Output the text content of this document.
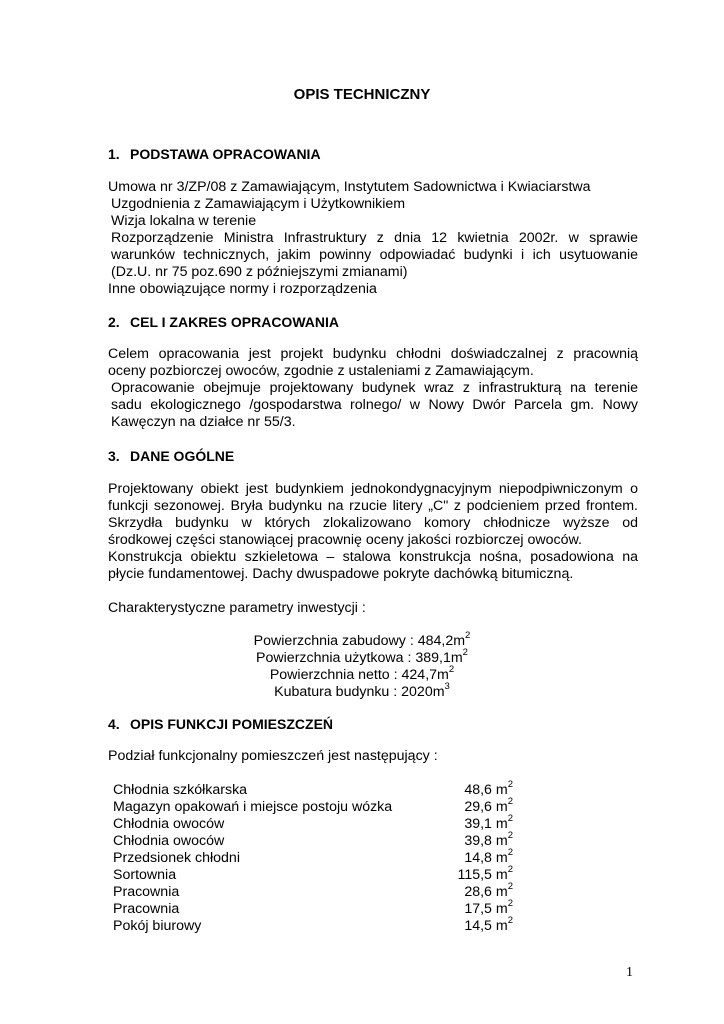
OPIS TECHNICZNY
1. PODSTAWA OPRACOWANIA
Umowa nr 3/ZP/08 z Zamawiającym, Instytutem Sadownictwa i Kwiaciarstwa
Uzgodnienia z Zamawiającym i Użytkownikiem
Wizja lokalna w terenie
Rozporządzenie Ministra Infrastruktury z dnia 12 kwietnia 2002r. w sprawie
warunków technicznych, jakim powinny odpowiadać budynki i ich usytuowanie
(Dz.U. nr 75 poz.690 z późniejszymi zmianami)
Inne obowiązujące normy i rozporządzenia
2. CEL I ZAKRES OPRACOWANIA
Celem opracowania jest projekt budynku chłodni doświadczalnej z pracownią
oceny pozbiorczej owoców, zgodnie z ustaleniami z Zamawiającym.
Opracowanie obejmuje projektowany budynek wraz z infrastrukturą na terenie
sadu ekologicznego /gospodarstwa rolnego/ w Nowy Dwór Parcela gm. Nowy
Kawęczyn na działce nr 55/3.
3. DANE OGÓLNE
Projektowany obiekt jest budynkiem jednokondygnacyjnym niepodpiwniczonym o
funkcji sezonowej. Bryła budynku na rzucie litery „C" z podcieniem przed frontem.
Skrzydła budynku w których zlokalizowano komory chłodnicze wyższe od
środkowej części stanowiącej pracownię oceny jakości rozbiorczej owoców.
Konstrukcja obiektu szkieletowa – stalowa konstrukcja nośna, posadowiona na
płycie fundamentowej. Dachy dwuspadowe pokryte dachówką bitumiczną.
Charakterystyczne parametry inwestycji :
Powierzchnia zabudowy : $484,2m^2$
Powierzchnia użytkowa : $389,1m^2$
Powierzchnia netto : $424,7m^2$
Kubatura budynku : $2020m^3$
4. OPIS FUNKCJI POMIESZCZEŃ
Podział funkcjonalny pomieszczeń jest następujący :
Chłodnia szkółkarska	48,6 $m^2$
Magazyn opakowań i miejsce postoju wózka	29,6 $m^2$
Chłodnia owoców	39,1 $m^2$
Chłodnia owoców	39,8 $m^2$
Przedsionek chłodni	14,8 $m^2$
Sortownia	115,5 $m^2$
Pracownia	28,6 $m^2$
Pracownia	17,5 $m^2$
Pokój biurowy	14,5 $m^2$
1
